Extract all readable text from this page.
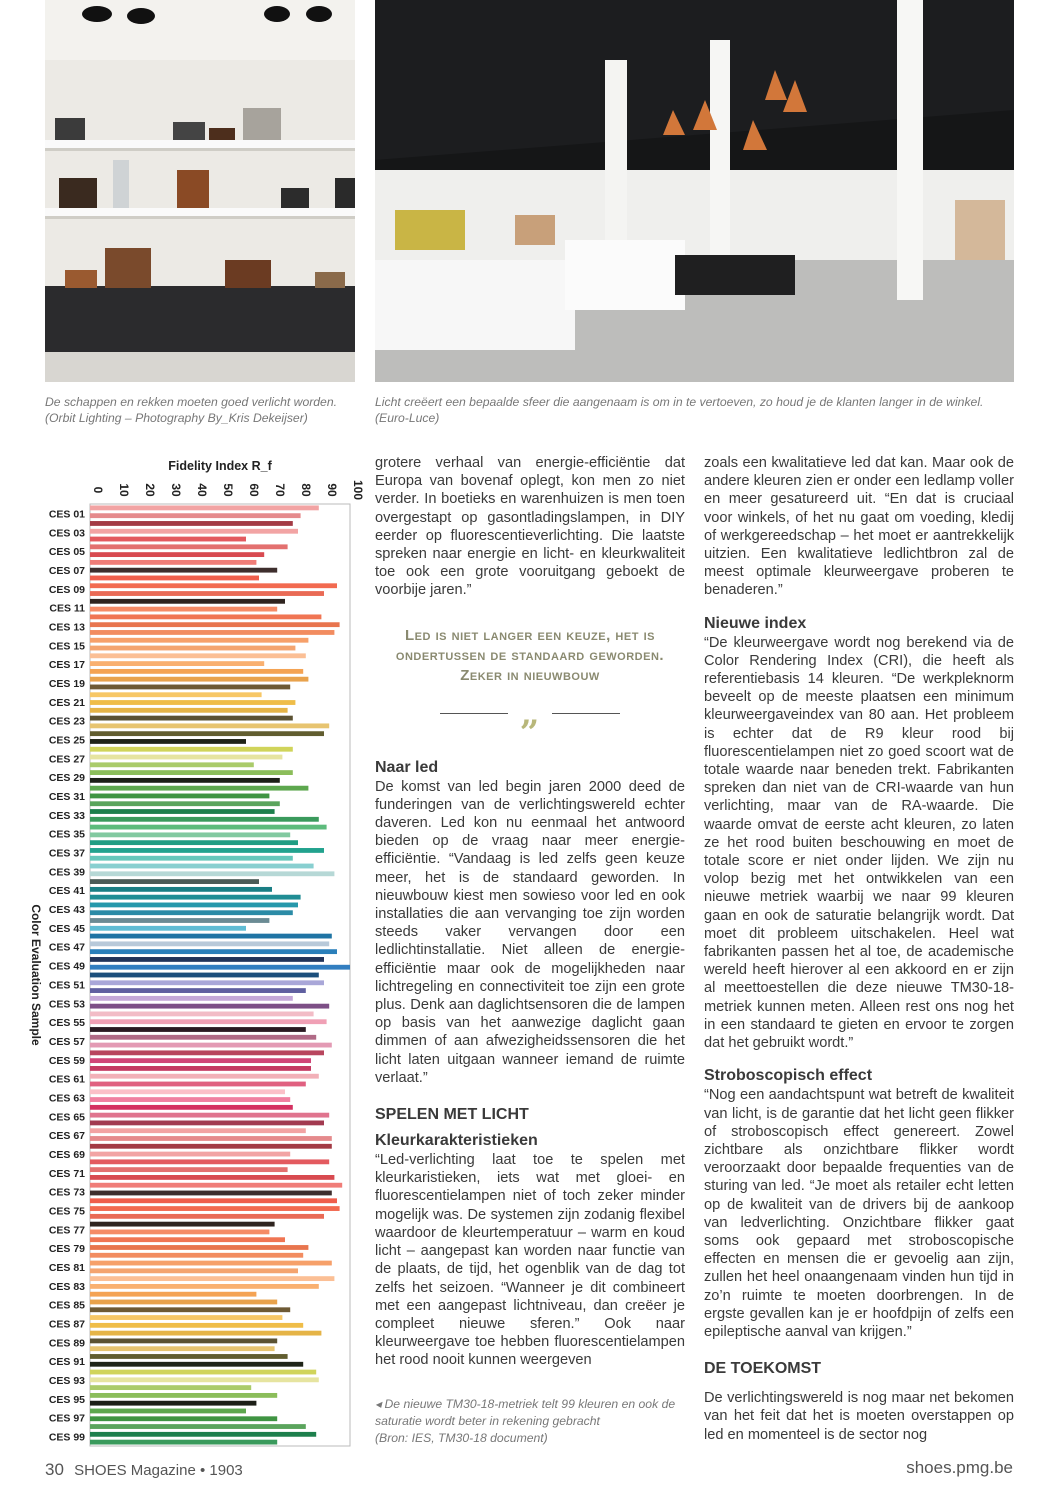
De schappen en rekken moeten goed verlicht worden.
(Orbit Lighting – Photography By_Kris Dekeijser)
Licht creëert een bepaalde sfeer die aangenaam is om in te vertoeven, zo houd je de klanten langer in de winkel.
(Euro-Luce)
Fidelity Index R_f
0 10 20 30 40 50 60 70 80 90 100
Color Evaluation Sample
CES 01
CES 03
CES 05
CES 07
CES 09
CES 11
CES 13
CES 15
CES 17
CES 19
CES 21
CES 23
CES 25
CES 27
CES 29
CES 31
CES 33
CES 35
CES 37
CES 39
CES 41
CES 43
CES 45
CES 47
CES 49
CES 51
CES 53
CES 55
CES 57
CES 59
CES 61
CES 63
CES 65
CES 67
CES 69
CES 71
CES 73
CES 75
CES 77
CES 79
CES 81
CES 83
CES 85
CES 87
CES 89
CES 91
CES 93
CES 95
CES 97
CES 99

grotere verhaal van energie-efficiëntie dat Europa van bovenaf oplegt, kon men zo niet verder. In boetieks en warenhuizen is men toen overgestapt op gasontladingslampen, in DIY eerder op fluorescentieverlichting. Die laatste spreken naar energie en licht- en kleurkwaliteit toe ook een grote vooruitgang geboekt de voorbije jaren.”

Led is niet langer een keuze, het is ondertussen de standaard geworden. Zeker in nieuwbouw
„
Naar led

De komst van led begin jaren 2000 deed de funderingen van de verlichtingswereld echter daveren. Led kon nu eenmaal het antwoord bieden op de vraag naar meer energie-efficiëntie. “Vandaag is led zelfs geen keuze meer, het is de standaard geworden. In nieuwbouw kiest men sowieso voor led en ook installaties die aan vervanging toe zijn worden steeds vaker vervangen door een ledlichtinstallatie. Niet alleen de energie-efficiëntie maar ook de mogelijkheden naar lichtregeling en connectiviteit toe zijn een grote plus. Denk aan daglichtsensoren die de lampen op basis van het aanwezige daglicht gaan dimmen of aan afwezigheidssensoren die het licht laten uitgaan wanneer iemand de ruimte verlaat.”

SPELEN MET LICHT
Kleurkarakteristieken

“Led-verlichting laat toe te spelen met kleurkaristieken, iets wat met gloei- en fluorescentielampen niet of toch zeker minder mogelijk was. De systemen zijn zodanig flexibel waardoor de kleurtemperatuur – warm en koud licht – aangepast kan worden naar functie van de plaats, de tijd, het ogenblik van de dag tot zelfs het seizoen. “Wanneer je dit combineert met een aangepast lichtniveau, dan creëer je compleet nieuwe sferen.” Ook naar kleurweergave toe hebben fluorescentielampen het rood nooit kunnen weergeven

◂ De nieuwe TM30-18-metriek telt 99 kleuren en ook de saturatie wordt beter in rekening gebracht
(Bron: IES, TM30-18 document)

zoals een kwalitatieve led dat kan. Maar ook de andere kleuren zien er onder een ledlamp voller en meer gesatureerd uit. “En dat is cruciaal voor winkels, of het nu gaat om voeding, kledij of werkgereedschap – het moet er aantrekkelijk uitzien. Een kwalitatieve ledlichtbron zal de meest optimale kleurweergave proberen te benaderen.”

Nieuwe index

“De kleurweergave wordt nog berekend via de Color Rendering Index (CRI), die heeft als referentiebasis 14 kleuren. “De werkpleknorm beveelt op de meeste plaatsen een minimum kleurweergaveindex van 80 aan. Het probleem is echter dat de R9 kleur rood bij fluorescentielampen niet zo goed scoort wat de totale waarde naar beneden trekt. Fabrikanten spreken dan niet van de CRI-waarde van hun verlichting, maar van de RA-waarde. Die waarde omvat de eerste acht kleuren, zo laten ze het rood buiten beschouwing en moet de totale score er niet onder lijden. We zijn nu volop bezig met het ontwikkelen van een nieuwe metriek waarbij we naar 99 kleuren gaan en ook de saturatie belangrijk wordt. Dat moet dit probleem uitschakelen. Heel wat fabrikanten passen het al toe, de academische wereld heeft hierover al een akkoord en er zijn al meettoestellen die deze nieuwe TM30-18-metriek kunnen meten. Alleen rest ons nog het in een standaard te gieten en ervoor te zorgen dat het gebruikt wordt.”

Stroboscopisch effect

“Nog een aandachtspunt wat betreft de kwaliteit van licht, is de garantie dat het licht geen flikker of stroboscopisch effect genereert. Zowel zichtbare als onzichtbare flikker wordt veroorzaakt door bepaalde frequenties van de sturing van led. “Je moet als retailer echt letten op de kwaliteit van de drivers bij de aankoop van ledverlichting. Onzichtbare flikker gaat soms ook gepaard met stroboscopische effecten en mensen die er gevoelig aan zijn, zullen het heel onaangenaam vinden hun tijd in zo’n ruimte te moeten doorbrengen. In de ergste gevallen kan je er hoofdpijn of zelfs een epileptische aanval van krijgen.”

DE TOEKOMST

De verlichtingswereld is nog maar net bekomen van het feit dat het is moeten overstappen op led en momenteel is de sector nog

30 SHOES Magazine • 1903	shoes.pmg.be
